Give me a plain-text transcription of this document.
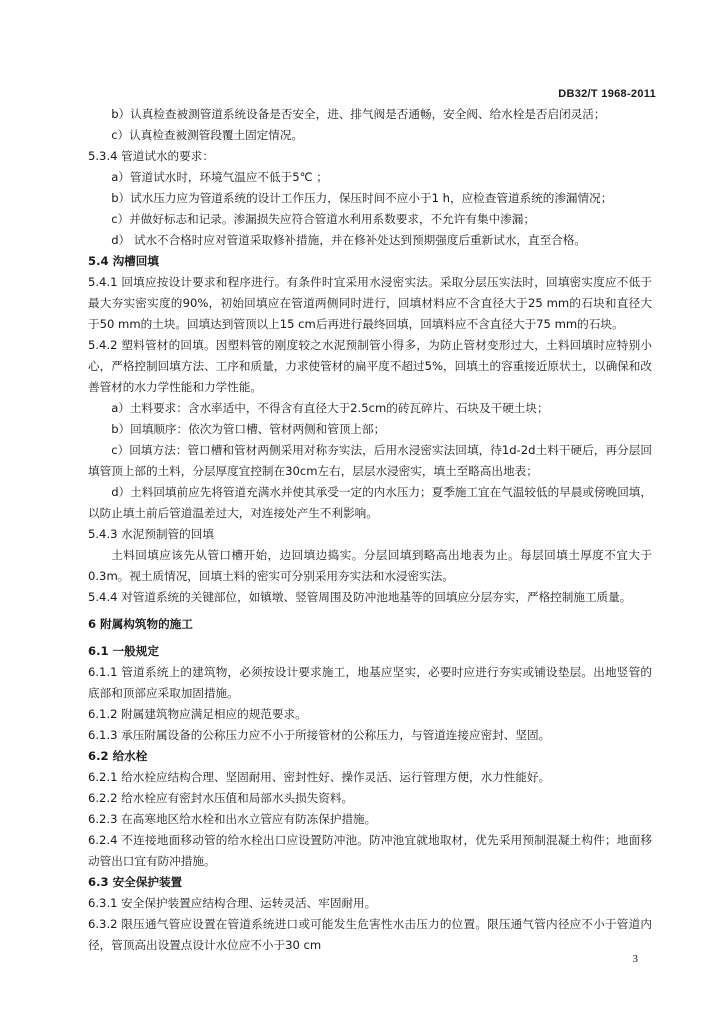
DB32/T 1968-2011

b）认真检查被测管道系统设备是否安全，进、排气阀是否通畅，安全阀、给水栓是否启闭灵活；

c）认真检查被测管段覆土固定情况。

5.3.4 管道试水的要求：

a）管道试水时，环境气温应不低于5℃ ；

b）试水压力应为管道系统的设计工作压力，保压时间不应小于1 h，应检查管道系统的渗漏情况；

c）并做好标志和记录。渗漏损失应符合管道水利用系数要求，不允许有集中渗漏；

d） 试水不合格时应对管道采取修补措施，并在修补处达到预期强度后重新试水，直至合格。

5.4 沟槽回填

5.4.1 回填应按设计要求和程序进行。有条件时宜采用水浸密实法。采取分层压实法时，回填密实度应不低于最大夯实密实度的90%，初始回填应在管道两侧同时进行，回填材料应不含直径大于25 mm的石块和直径大于50 mm的土块。回填达到管顶以上15 cm后再进行最终回填，回填料应不含直径大于75 mm的石块。

5.4.2 塑料管材的回填。因塑料管的刚度较之水泥预制管小得多，为防止管材变形过大，土料回填时应特别小心，严格控制回填方法、工序和质量，力求使管材的扁平度不超过5%，回填土的容重接近原状土，以确保和改善管材的水力学性能和力学性能。

a）土料要求：含水率适中，不得含有直径大于2.5cm的砖瓦碎片、石块及干硬土块；

b）回填顺序：依次为管口槽、管材两侧和管顶上部；

c）回填方法：管口槽和管材两侧采用对称夯实法，后用水浸密实法回填，待1d-2d土料干硬后，再分层回填管顶上部的土料，分层厚度宜控制在30cm左右，层层水浸密实，填土至略高出地表；

d）土料回填前应先将管道充满水并使其承受一定的内水压力；夏季施工宜在气温较低的早晨或傍晚回填，以防止填土前后管道温差过大，对连接处产生不利影响。

5.4.3 水泥预制管的回填

土料回填应该先从管口槽开始，边回填边捣实。分层回填到略高出地表为止。每层回填土厚度不宜大于0.3m。视土质情况，回填土料的密实可分别采用夯实法和水浸密实法。

5.4.4 对管道系统的关键部位，如镇墩、竖管周围及防冲池地基等的回填应分层夯实，严格控制施工质量。

6 附属构筑物的施工

6.1 一般规定

6.1.1 管道系统上的建筑物，必须按设计要求施工，地基应坚实，必要时应进行夯实或铺设垫层。出地竖管的底部和顶部应采取加固措施。

6.1.2 附属建筑物应满足相应的规范要求。

6.1.3 承压附属设备的公称压力应不小于所接管材的公称压力，与管道连接应密封、坚固。

6.2 给水栓

6.2.1 给水栓应结构合理、坚固耐用、密封性好、操作灵活、运行管理方便，水力性能好。

6.2.2 给水栓应有密封水压值和局部水头损失资料。

6.2.3 在高寒地区给水栓和出水立管应有防冻保护措施。

6.2.4 不连接地面移动管的给水栓出口应设置防冲池。防冲池宜就地取材，优先采用预制混凝土构件；地面移动管出口宜有防冲措施。

6.3 安全保护装置

6.3.1 安全保护装置应结构合理、运转灵活、牢固耐用。

6.3.2 限压通气管应设置在管道系统进口或可能发生危害性水击压力的位置。限压通气管内径应不小于管道内径，管顶高出设置点设计水位应不小于30 cm

3
